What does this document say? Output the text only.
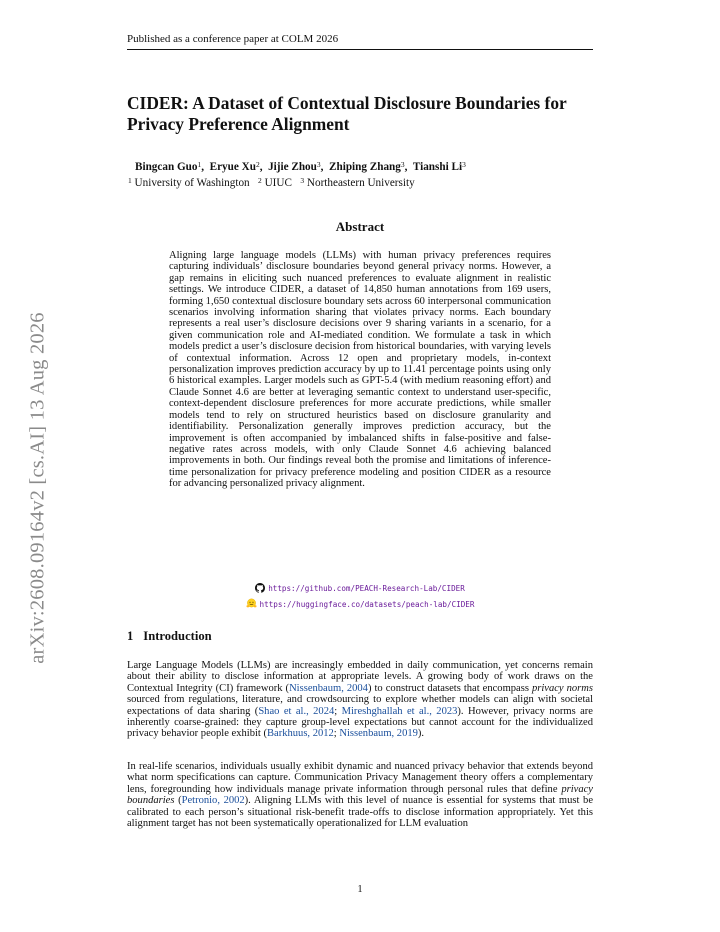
Published as a conference paper at COLM 2026
CIDER: A Dataset of Contextual Disclosure Boundaries for Privacy Preference Alignment
Bingcan Guo$^1$,  Eryue Xu$^2$,  Jijie Zhou$^3$,  Zhiping Zhang$^3$,  Tianshi Li$^3$
$^1$ University of Washington $^2$ UIUC $^3$ Northeastern University
Abstract

Aligning large language models (LLMs) with human privacy preferences requires capturing individuals’ disclosure boundaries beyond general privacy norms. However, a gap remains in eliciting such nuanced preferences to evaluate alignment in realistic settings. We introduce CIDER, a dataset of 14,850 human annotations from 169 users, forming 1,650 contextual disclosure boundary sets across 60 interpersonal communication scenarios involving information sharing that violates privacy norms. Each boundary represents a real user’s disclosure decisions over 9 sharing variants in a scenario, for a given communication role and AI-mediated condition. We formulate a task in which models predict a user’s disclosure decision from historical boundaries, with varying levels of contextual information. Across 12 open and proprietary models, in-context personalization improves prediction accuracy by up to 11.41 percentage points using only 6 historical examples. Larger models such as GPT-5.4 (with medium reasoning effort) and Claude Sonnet 4.6 are better at leveraging semantic context to understand user-specific, context-dependent disclosure preferences for more accurate predictions, while smaller models tend to rely on structured heuristics based on disclosure granularity and identifiability. Personalization generally improves prediction accuracy, but the improvement is often accompanied by imbalanced shifts in false-positive and false-negative rates across models, with only Claude Sonnet 4.6 achieving balanced improvements in both. Our findings reveal both the promise and limitations of inference-time personalization for privacy preference modeling and position CIDER as a resource for advancing personalized privacy alignment.

https://github.com/PEACH-Research-Lab/CIDER
https://huggingface.co/datasets/peach-lab/CIDER
1 Introduction

Large Language Models (LLMs) are increasingly embedded in daily communication, yet concerns remain about their ability to disclose information at appropriate levels. A growing body of work draws on the Contextual Integrity (CI) framework (Nissenbaum, 2004) to construct datasets that encompass privacy norms sourced from regulations, literature, and crowdsourcing to explore whether models can align with societal expectations of data sharing (Shao et al., 2024; Mireshghallah et al., 2023). However, privacy norms are inherently coarse-grained: they capture group-level expectations but cannot account for the individualized privacy behavior people exhibit (Barkhuus, 2012; Nissenbaum, 2019).

In real-life scenarios, individuals usually exhibit dynamic and nuanced privacy behavior that extends beyond what norm specifications can capture. Communication Privacy Management theory offers a complementary lens, foregrounding how individuals manage private information through personal rules that define privacy boundaries (Petronio, 2002). Aligning LLMs with this level of nuance is essential for systems that must be calibrated to each person’s situational risk-benefit trade-offs to disclose information appropriately. Yet this alignment target has not been systematically operationalized for LLM evaluation

1
arXiv:2608.09164v2 [cs.AI] 13 Aug 2026
